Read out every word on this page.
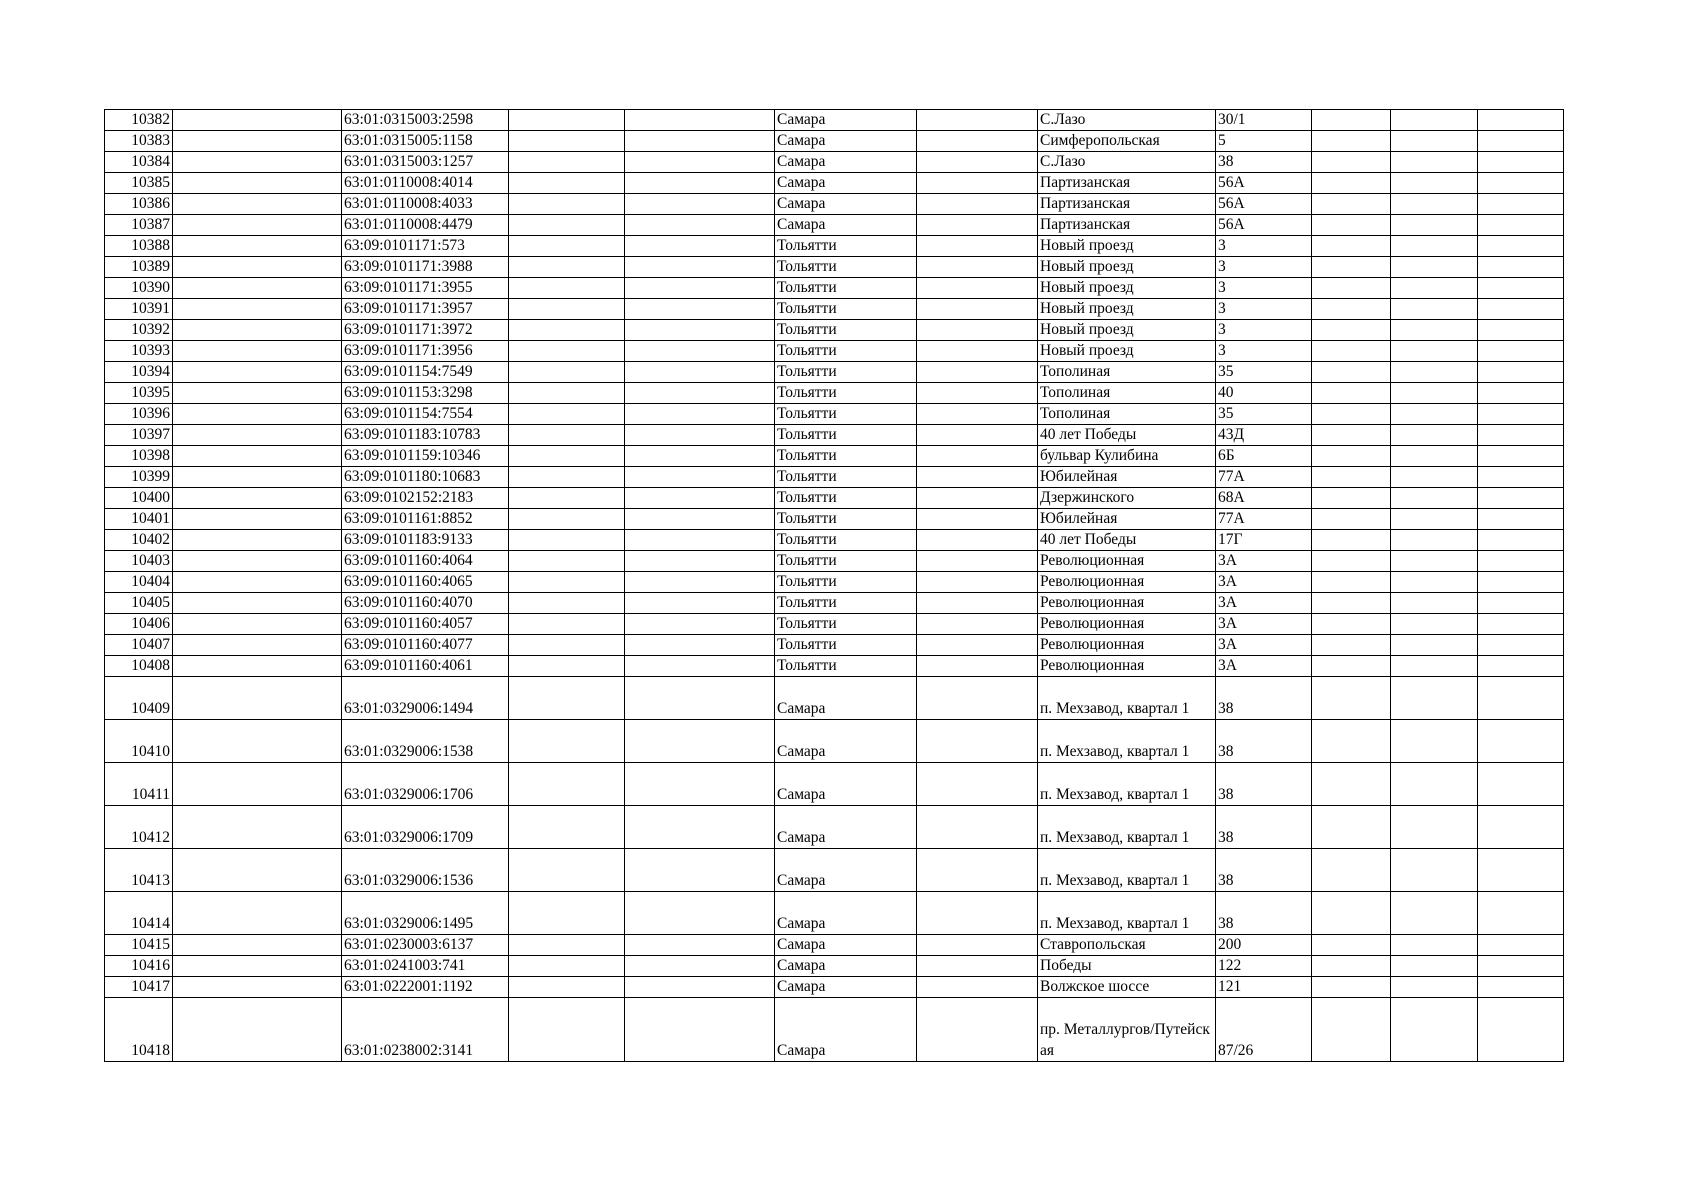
10382		63:01:0315003:2598			Самара		С.Лазо	30/1			
10383		63:01:0315005:1158			Самара		Симферопольская	5			
10384		63:01:0315003:1257			Самара		С.Лазо	38			
10385		63:01:0110008:4014			Самара		Партизанская	56А			
10386		63:01:0110008:4033			Самара		Партизанская	56А			
10387		63:01:0110008:4479			Самара		Партизанская	56А			
10388		63:09:0101171:573			Тольятти		Новый проезд	3			
10389		63:09:0101171:3988			Тольятти		Новый проезд	3			
10390		63:09:0101171:3955			Тольятти		Новый проезд	3			
10391		63:09:0101171:3957			Тольятти		Новый проезд	3			
10392		63:09:0101171:3972			Тольятти		Новый проезд	3			
10393		63:09:0101171:3956			Тольятти		Новый проезд	3			
10394		63:09:0101154:7549			Тольятти		Тополиная	35			
10395		63:09:0101153:3298			Тольятти		Тополиная	40			
10396		63:09:0101154:7554			Тольятти		Тополиная	35			
10397		63:09:0101183:10783			Тольятти		40 лет Победы	43Д			
10398		63:09:0101159:10346			Тольятти		бульвар Кулибина	6Б			
10399		63:09:0101180:10683			Тольятти		Юбилейная	77А			
10400		63:09:0102152:2183			Тольятти		Дзержинского	68А			
10401		63:09:0101161:8852			Тольятти		Юбилейная	77А			
10402		63:09:0101183:9133			Тольятти		40 лет Победы	17Г			
10403		63:09:0101160:4064			Тольятти		Революционная	3А			
10404		63:09:0101160:4065			Тольятти		Революционная	3А			
10405		63:09:0101160:4070			Тольятти		Революционная	3А			
10406		63:09:0101160:4057			Тольятти		Революционная	3А			
10407		63:09:0101160:4077			Тольятти		Революционная	3А			
10408		63:09:0101160:4061			Тольятти		Революционная	3А			
10409		63:01:0329006:1494			Самара		п. Мехзавод, квартал 1	38			
10410		63:01:0329006:1538			Самара		п. Мехзавод, квартал 1	38			
10411		63:01:0329006:1706			Самара		п. Мехзавод, квартал 1	38			
10412		63:01:0329006:1709			Самара		п. Мехзавод, квартал 1	38			
10413		63:01:0329006:1536			Самара		п. Мехзавод, квартал 1	38			
10414		63:01:0329006:1495			Самара		п. Мехзавод, квартал 1	38			
10415		63:01:0230003:6137			Самара		Ставропольская	200			
10416		63:01:0241003:741			Самара		Победы	122			
10417		63:01:0222001:1192			Самара		Волжское шоссе	121			
10418		63:01:0238002:3141			Самара		пр. Металлургов/Путейская	87/26			
